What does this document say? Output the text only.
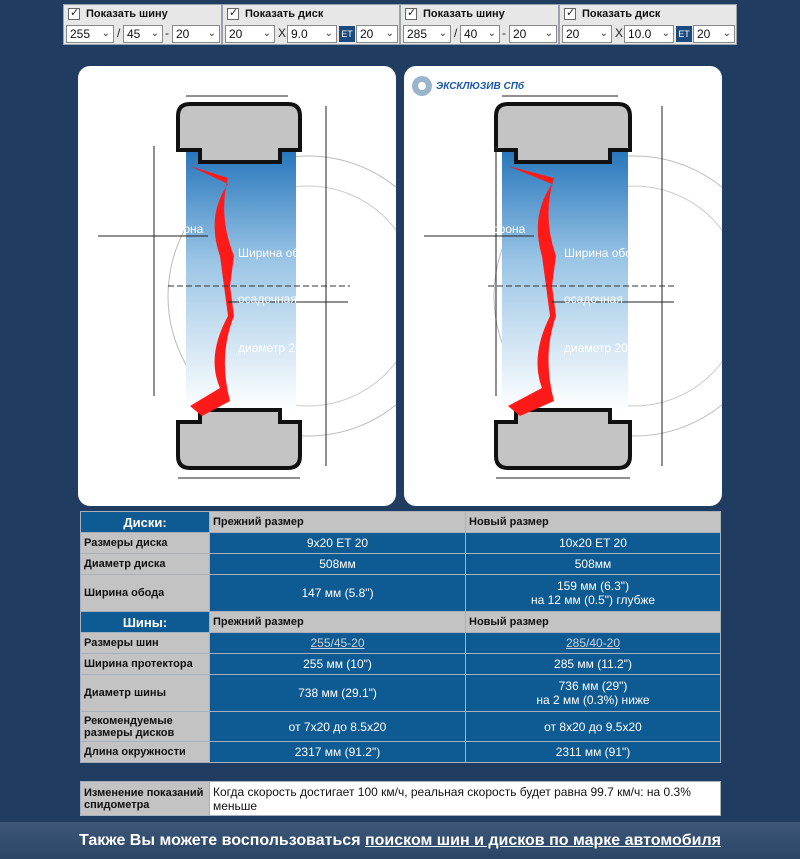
✓
Показать шину
255 ⌄ / 45 ⌄ - 20 ⌄
✓
Показать диск
20 ⌄ X 9.0 ⌄ ET 20 ⌄
✓
Показать шину
285 ⌄ / 40 ⌄ - 20 ⌄
✓
Показать диск
20 ⌄ X 10.0 ⌄ ET 20 ⌄
орона
Ширина обо
осадочная
диаметр 20
ЭКСКЛЮЗИВ СПб
орона
Ширина обо
осадочная
диаметр 20
Диски:	Прежний размер	Новый размер
Размеры диска	9x20 ET 20	10x20 ET 20
Диаметр диска	508мм	508мм
Ширина обода	147 мм (5.8")	159 мм (6.3")
на 12 мм (0.5") глубже

Шины:	Прежний размер	Новый размер
Размеры шин	255/45-20	285/40-20
Ширина протектора	255 мм (10")	285 мм (11.2")
Диаметр шины	738 мм (29.1")	736 мм (29")
на 2 мм (0.3%) ниже

Рекомендуемые размеры дисков	от 7x20 до 8.5x20	от 8x20 до 9.5x20
Длина окружности	2317 мм (91.2")	2311 мм (91")
Изменение показаний спидометра	Когда скорость достигает 100 км/ч, реальная скорость будет равна 99.7 км/ч: на 0.3% меньше
Также Вы можете воспользоваться поиском шин и дисков по марке автомобиля
